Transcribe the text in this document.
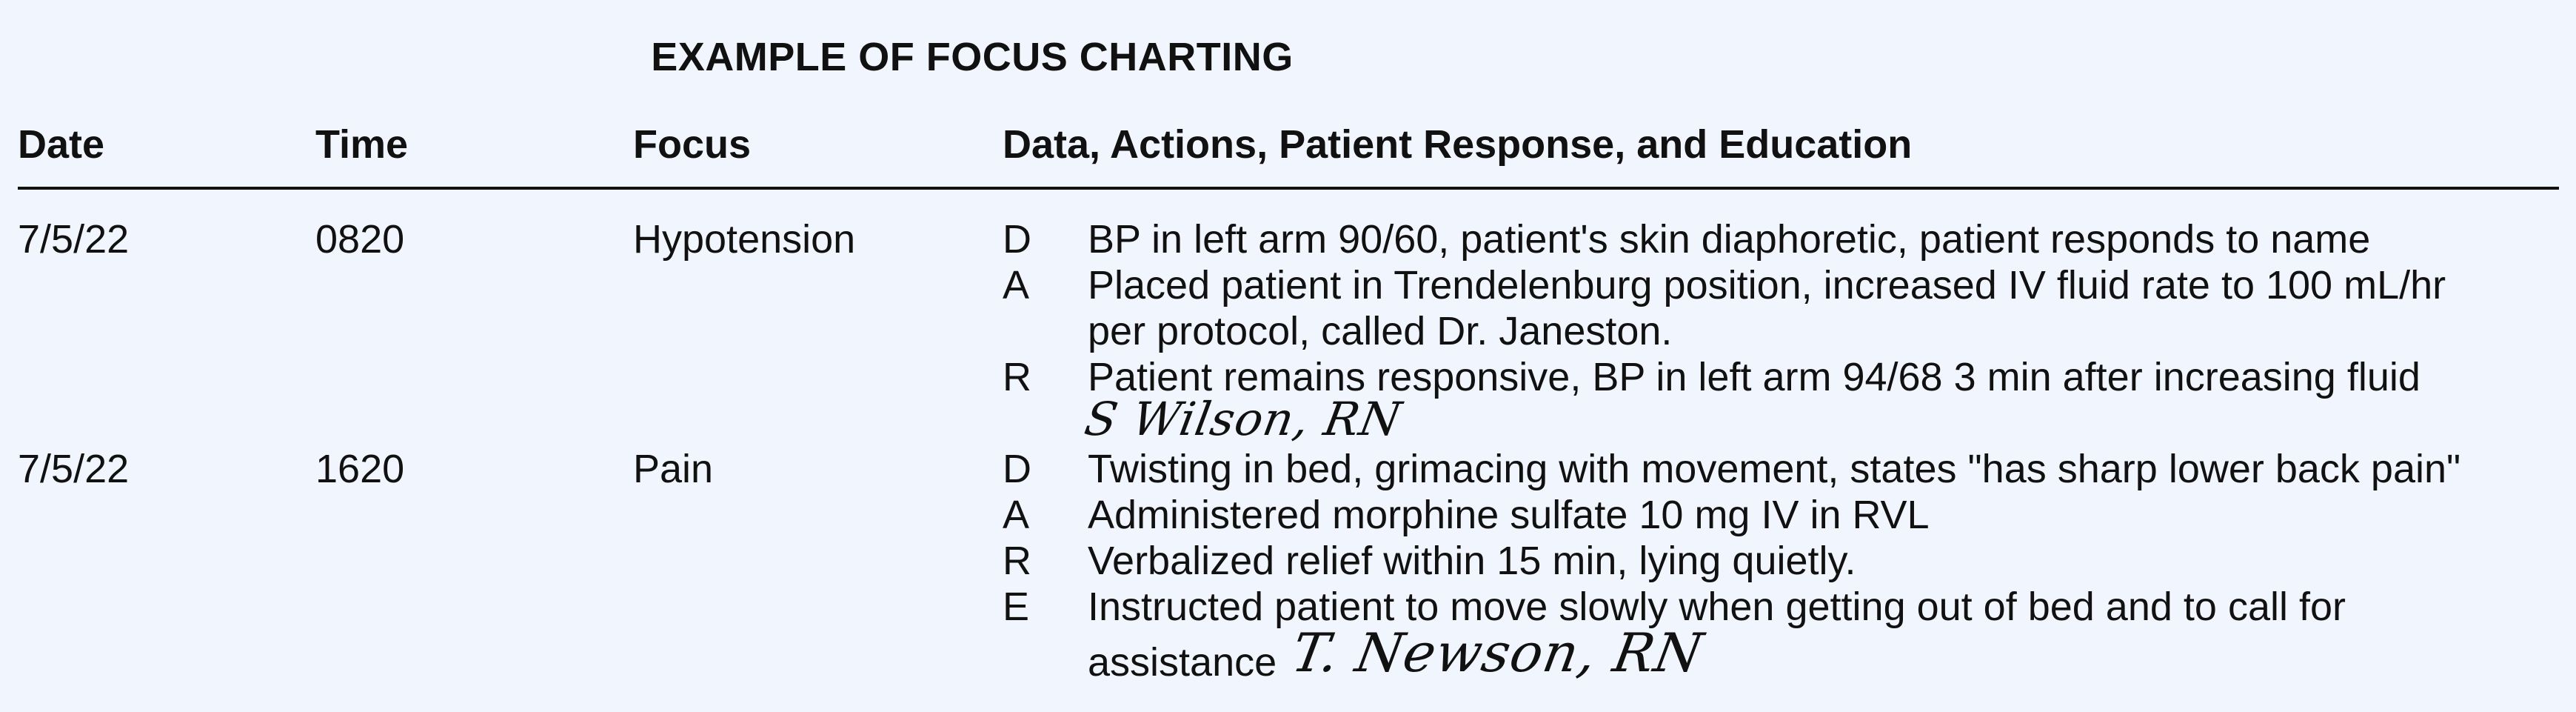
EXAMPLE OF FOCUS CHARTING
Date	Time	Focus	Data, Actions, Patient Response, and Education
7/5/22	0820	Hypotension	D BP in left arm 90/60, patient's skin diaphoretic, patient responds to name
A Placed patient in Trendelenburg position, increased IV fluid rate to 100 mL/hr
per protocol, called Dr. Janeston.
R Patient remains responsive, BP in left arm 94/68 3 min after increasing fluid
S Wilson, RN
7/5/22	1620	Pain	D Twisting in bed, grimacing with movement, states "has sharp lower back pain"
A Administered morphine sulfate 10 mg IV in RVL
R Verbalized relief within 15 min, lying quietly.
E Instructed patient to move slowly when getting out of bed and to call for
assistance T. Newson, RN
